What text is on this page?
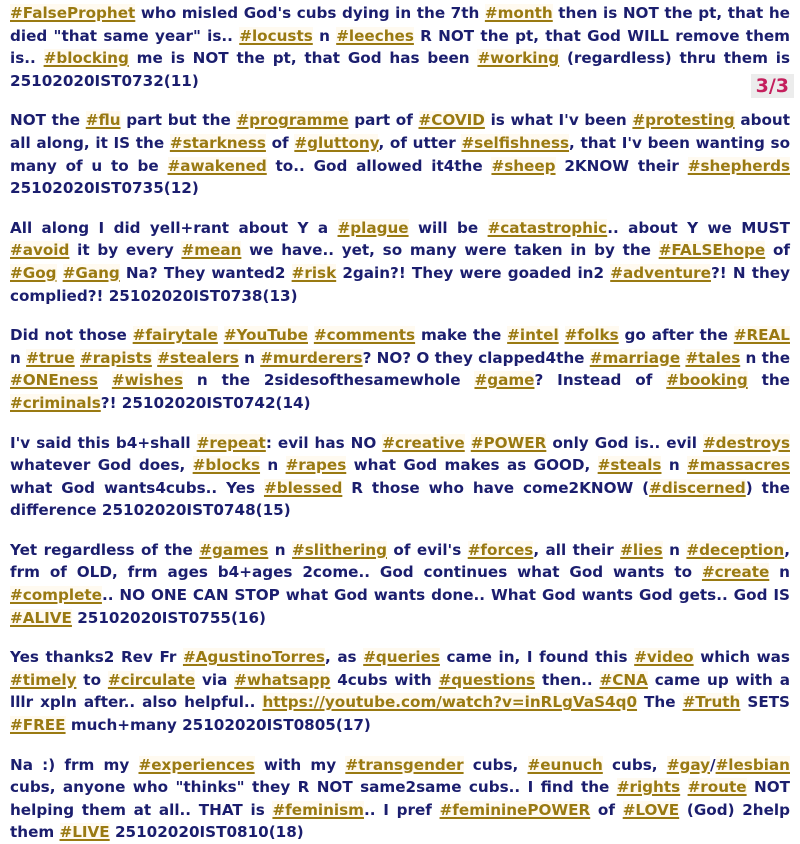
3/3

#FalseProphet who misled God's cubs dying in the 7th #month then is NOT the pt, that he died "that same year" is.. #locusts n #leeches R NOT the pt, that God WILL remove them is.. #blocking me is NOT the pt, that God has been #working (regardless) thru them is 25102020IST0732(11)

NOT the #flu part but the #programme part of #COVID is what I'v been #protesting about all along, it IS the #starkness of #gluttony, of utter #selfishness, that I'v been wanting so many of u to be #awakened to.. God allowed it4the #sheep 2KNOW their #shepherds 25102020IST0735(12)

All along I did yell+rant about Y a #plague will be #catastrophic.. about Y we MUST #avoid it by every #mean we have.. yet, so many were taken in by the #FALSEhope of #Gog #Gang Na? They wanted2 #risk 2gain?! They were goaded in2 #adventure?! N they complied?! 25102020IST0738(13)

Did not those #fairytale #YouTube #comments make the #intel #folks go after the #REAL n #true #rapists #stealers n #murderers? NO? O they clapped4the #marriage #tales n the #ONEness #wishes n the 2sidesofthesamewhole #game? Instead of #booking the #criminals?! 25102020IST0742(14)

I'v said this b4+shall #repeat: evil has NO #creative #POWER only God is.. evil #destroys whatever God does, #blocks n #rapes what God makes as GOOD, #steals n #massacres what God wants4cubs.. Yes #blessed R those who have come2KNOW (#discerned) the difference 25102020IST0748(15)

Yet regardless of the #games n #slithering of evil's #forces, all their #lies n #deception, frm of OLD, frm ages b4+ages 2come.. God continues what God wants to #create n #complete.. NO ONE CAN STOP what God wants done.. What God wants God gets.. God IS #ALIVE 25102020IST0755(16)

Yes thanks2 Rev Fr #AgustinoTorres, as #queries came in, I found this #video which was #timely to #circulate via #whatsapp 4cubs with #questions then.. #CNA came up with a lllr xpln after.. also helpful.. https://youtube.com/watch?v=inRLgVaS4q0 The #Truth SETS #FREE much+many 25102020IST0805(17)

Na :) frm my #experiences with my #transgender cubs, #eunuch cubs, #gay/#lesbian cubs, anyone who "thinks" they R NOT same2same cubs.. I find the #rights #route NOT helping them at all.. THAT is #feminism.. I pref #femininePOWER of #LOVE (God) 2help them #LIVE 25102020IST0810(18)
